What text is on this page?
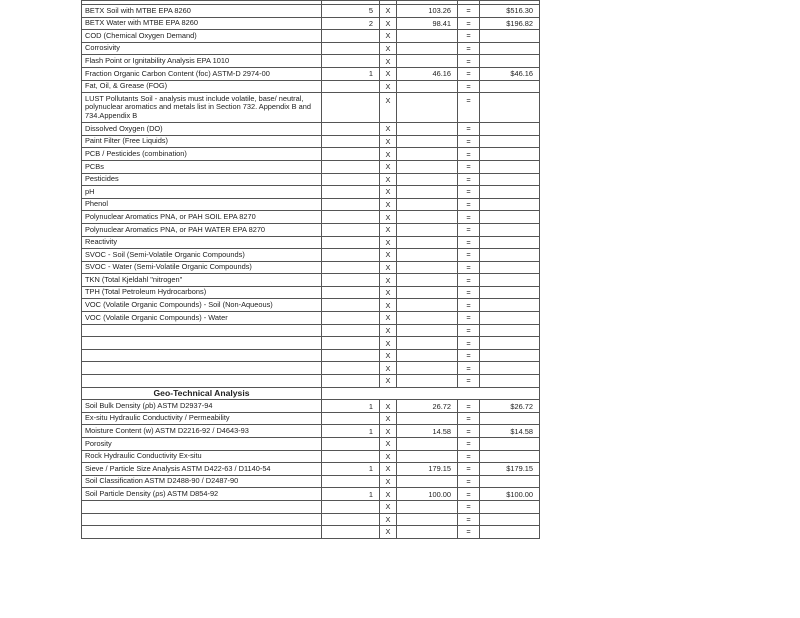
BETX Soil with MTBE EPA 8260	5	X	103.26	=	$516.30
BETX Water with MTBE EPA 8260	2	X	98.41	=	$196.82
COD (Chemical Oxygen Demand)		X		=	
Corrosivity		X		=	
Flash Point or Ignitability Analysis EPA 1010		X		=	
Fraction Organic Carbon Content (foc) ASTM-D 2974-00	1	X	46.16	=	$46.16
Fat, Oil, & Grease (FOG)		X		=	
LUST Pollutants Soil - analysis must include volatile, base/ neutral, polynuclear aromatics and metals list in Section 732. Appendix B and 734.Appendix B		X		=	
Dissolved Oxygen (DO)		X		=	
Paint Filter (Free Liquids)		X		=	
PCB / Pesticides (combination)		X		=	
PCBs		X		=	
Pesticides		X		=	
pH		X		=	
Phenol		X		=	
Polynuclear Aromatics PNA, or PAH SOIL EPA 8270		X		=	
Polynuclear Aromatics PNA, or PAH WATER EPA 8270		X		=	
Reactivity		X		=	
SVOC - Soil (Semi-Volatile Organic Compounds)		X		=	
SVOC - Water (Semi-Volatile Organic Compounds)		X		=	
TKN (Total Kjeldahl "nitrogen"		X		=	
TPH (Total Petroleum Hydrocarbons)		X		=	
VOC (Volatile Organic Compounds) - Soil (Non-Aqueous)		X		=	
VOC (Volatile Organic Compounds) - Water		X		=	
		X		=	
		X		=	
		X		=	
		X		=	
		X		=	
Geo-Technical Analysis					
Soil Bulk Density (ρb) ASTM D2937-94	1	X	26.72	=	$26.72
Ex-situ Hydraulic Conductivity / Permeability		X		=	
Moisture Content (w) ASTM D2216-92 / D4643-93	1	X	14.58	=	$14.58
Porosity		X		=	
Rock Hydraulic Conductivity Ex-situ		X		=	
Sieve / Particle Size Analysis ASTM D422-63 / D1140-54	1	X	179.15	=	$179.15
Soil Classification ASTM D2488-90 / D2487-90		X		=	
Soil Particle Density (ρs) ASTM D854-92	1	X	100.00	=	$100.00
		X		=	
		X		=	
		X		=	
